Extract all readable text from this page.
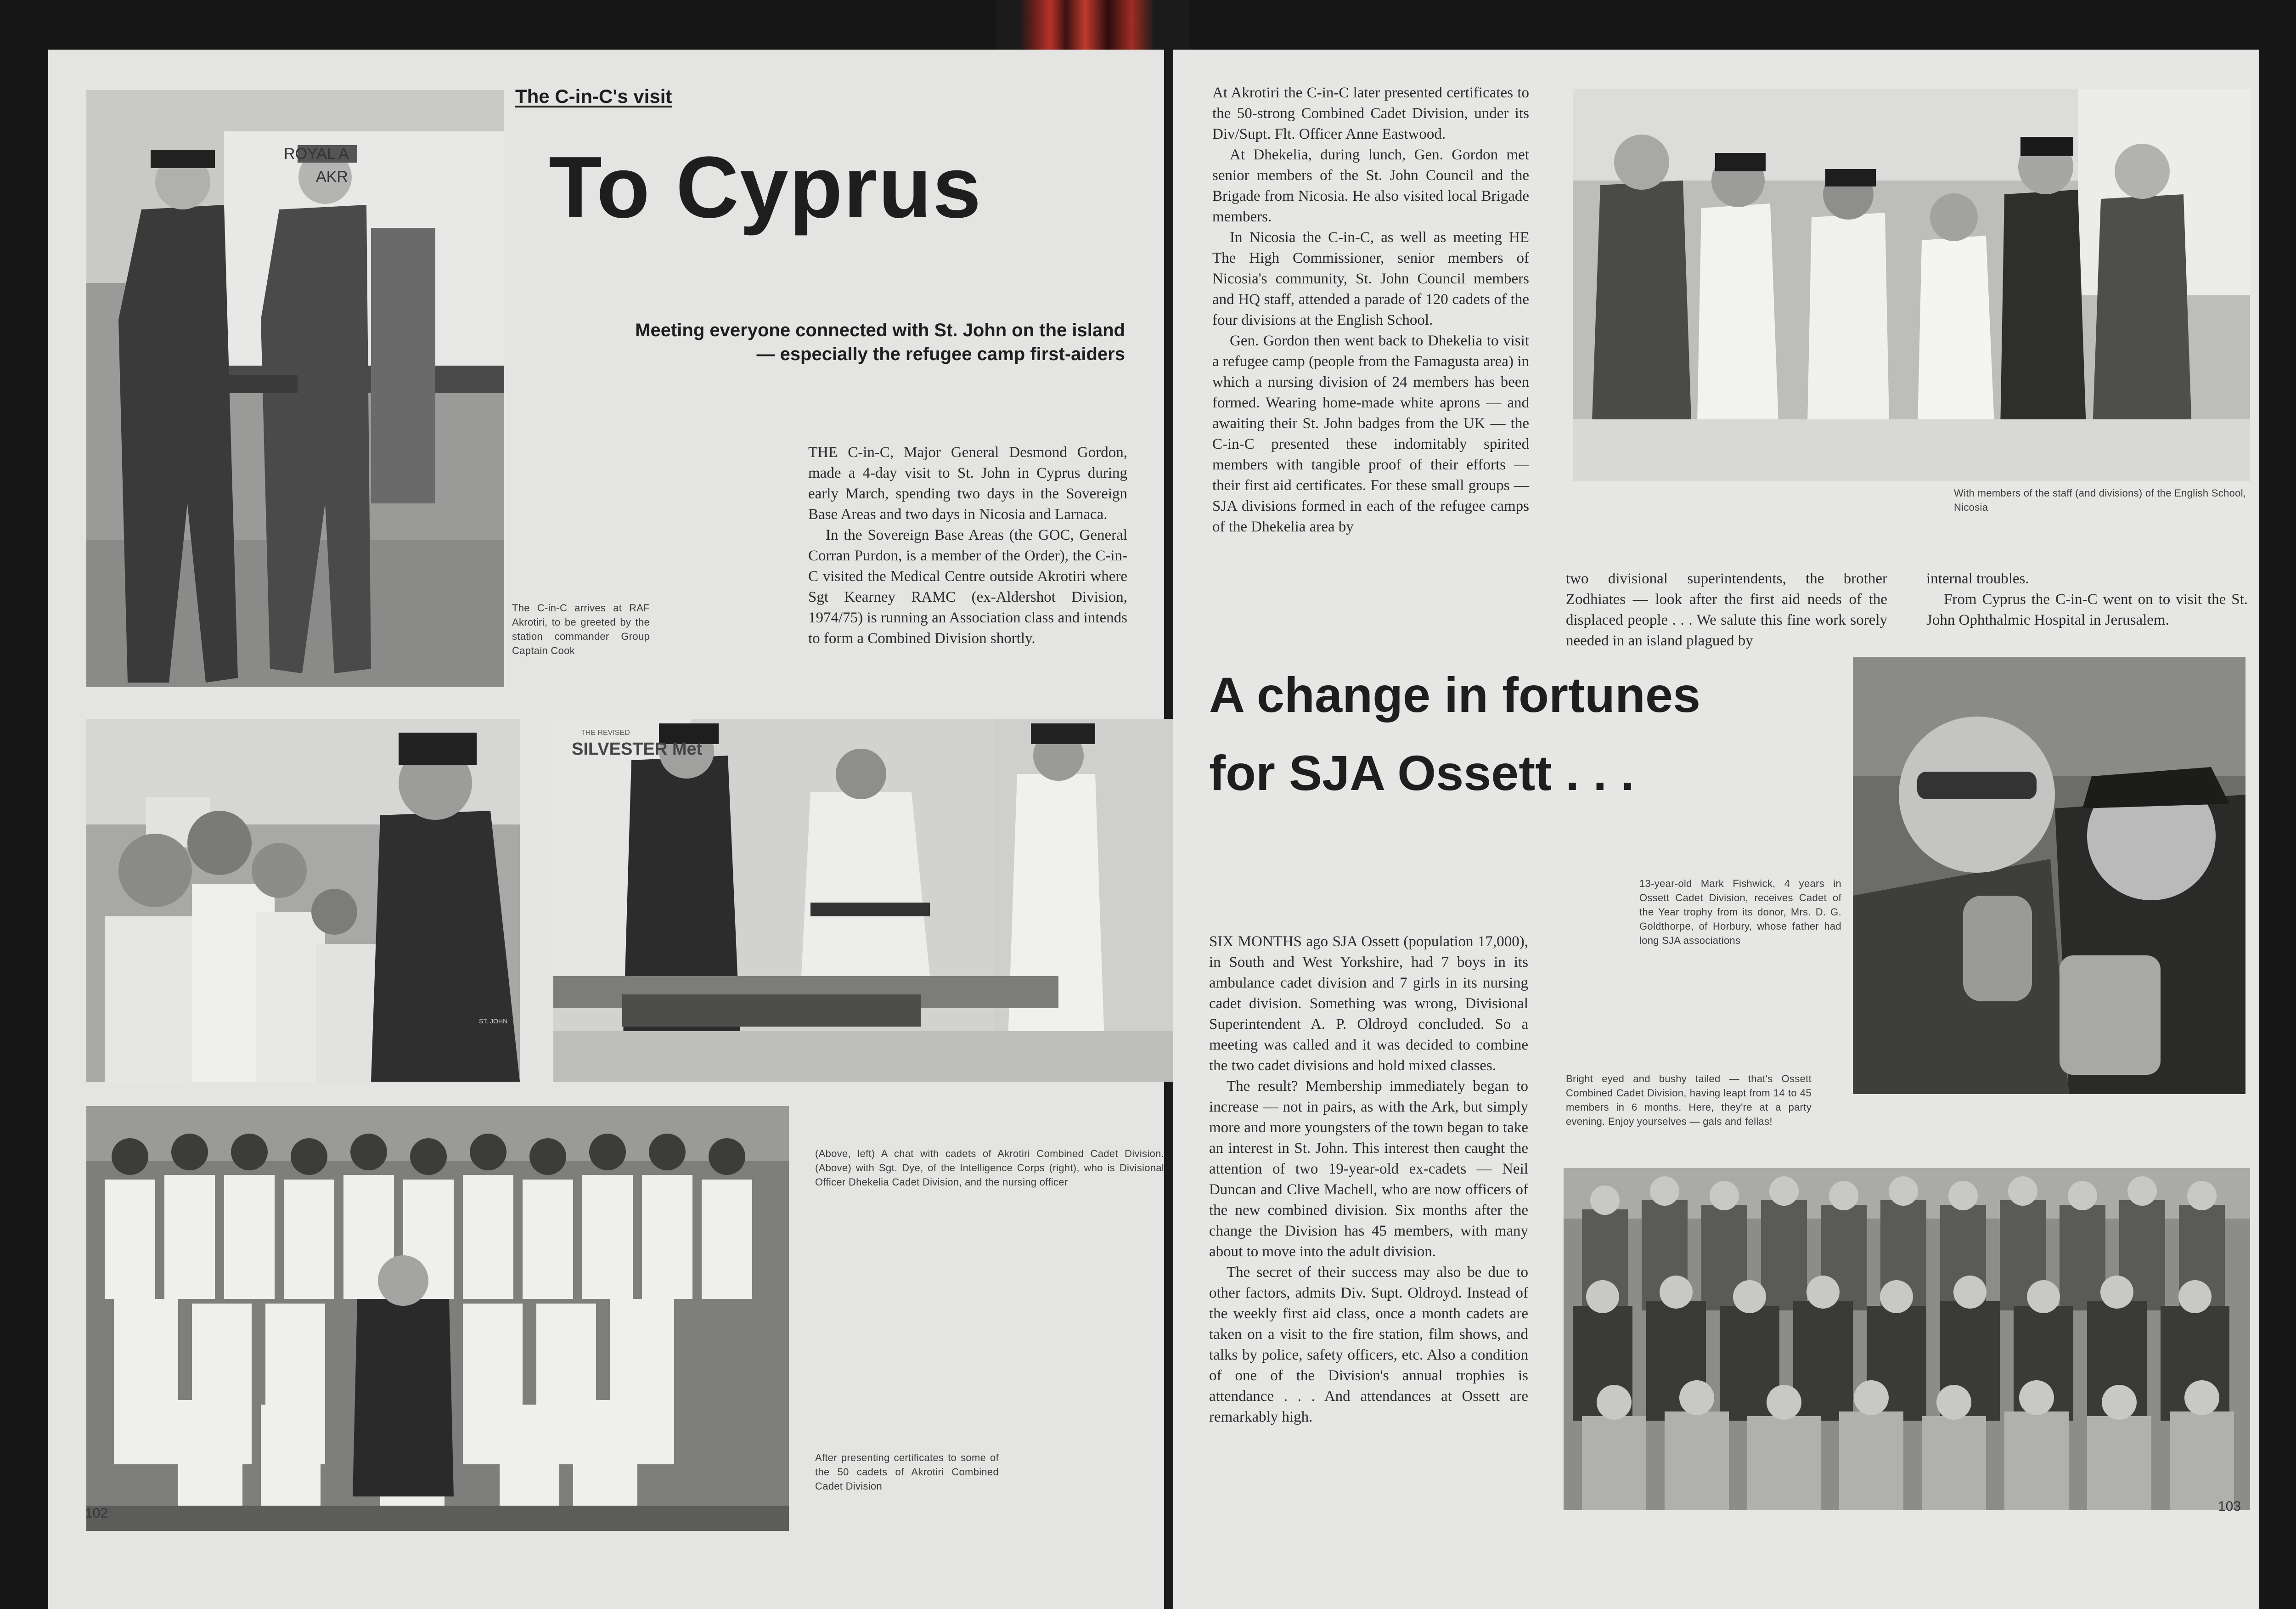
ROYAL A
AKR
The C-in-C's visit
To Cyprus
Meeting everyone connected with St. John on the island
— especially the refugee camp first-aiders

THE C-in-C, Major General Desmond Gordon, made a 4-day visit to St. John in Cyprus during early March, spending two days in the Sovereign Base Areas and two days in Nicosia and Larnaca.

In the Sovereign Base Areas (the GOC, General Corran Purdon, is a member of the Order), the C-in-C visited the Medical Centre outside Akrotiri where Sgt Kearney RAMC (ex-Aldershot Division, 1974/75) is running an Association class and intends to form a Combined Division shortly.

The C-in-C arrives at RAF Akrotiri, to be greeted by the station commander Group Captain Cook
ST. JOHN
THE REVISED
SILVESTER Met
(Above, left) A chat with cadets of Akrotiri Combined Cadet Division. (Above) with Sgt. Dye, of the Intelligence Corps (right), who is Divisional Officer Dhekelia Cadet Division, and the nursing officer
After presenting certificates to some of the 50 cadets of Akrotiri Combined Cadet Division
102

At Akrotiri the C-in-C later presented certificates to the 50-strong Combined Cadet Division, under its Div/Supt. Flt. Officer Anne Eastwood.

At Dhekelia, during lunch, Gen. Gordon met senior members of the St. John Council and the Brigade from Nicosia. He also visited local Brigade members.

In Nicosia the C-in-C, as well as meeting HE The High Commissioner, senior members of Nicosia's community, St. John Council members and HQ staff, attended a parade of 120 cadets of the four divisions at the English School.

Gen. Gordon then went back to Dhekelia to visit a refugee camp (people from the Famagusta area) in which a nursing division of 24 members has been formed. Wearing home-made white aprons — and awaiting their St. John badges from the UK — the C-in-C presented these indomitably spirited members with tangible proof of their efforts — their first aid certificates. For these small groups — SJA divisions formed in each of the refugee camps of the Dhekelia area by

With members of the staff (and divisions) of the English School, Nicosia

two divisional superintendents, the brother Zodhiates — look after the first aid needs of the displaced people . . . We salute this fine work sorely needed in an island plagued by

internal troubles.

From Cyprus the C-in-C went on to visit the St. John Ophthalmic Hospital in Jerusalem.

A change in fortunes
for SJA Ossett . . .
13-year-old Mark Fishwick, 4 years in Ossett Cadet Division, receives Cadet of the Year trophy from its donor, Mrs. D. G. Goldthorpe, of Horbury, whose father had long SJA associations

SIX MONTHS ago SJA Ossett (population 17,000), in South and West Yorkshire, had 7 boys in its ambulance cadet division and 7 girls in its nursing cadet division. Something was wrong, Divisional Superintendent A. P. Oldroyd concluded. So a meeting was called and it was decided to combine the two cadet divisions and hold mixed classes.

The result? Membership immediately began to increase — not in pairs, as with the Ark, but simply more and more youngsters of the town began to take an interest in St. John. This interest then caught the attention of two 19-year-old ex-cadets — Neil Duncan and Clive Machell, who are now officers of the new combined division. Six months after the change the Division has 45 members, with many about to move into the adult division.

The secret of their success may also be due to other factors, admits Div. Supt. Oldroyd. Instead of the weekly first aid class, once a month cadets are taken on a visit to the fire station, film shows, and talks by police, safety officers, etc. Also a condition of one of the Division's annual trophies is attendance . . . And attendances at Ossett are remarkably high.

Bright eyed and bushy tailed — that's Ossett Combined Cadet Division, having leapt from 14 to 45 members in 6 months. Here, they're at a party evening. Enjoy yourselves — gals and fellas!
103
